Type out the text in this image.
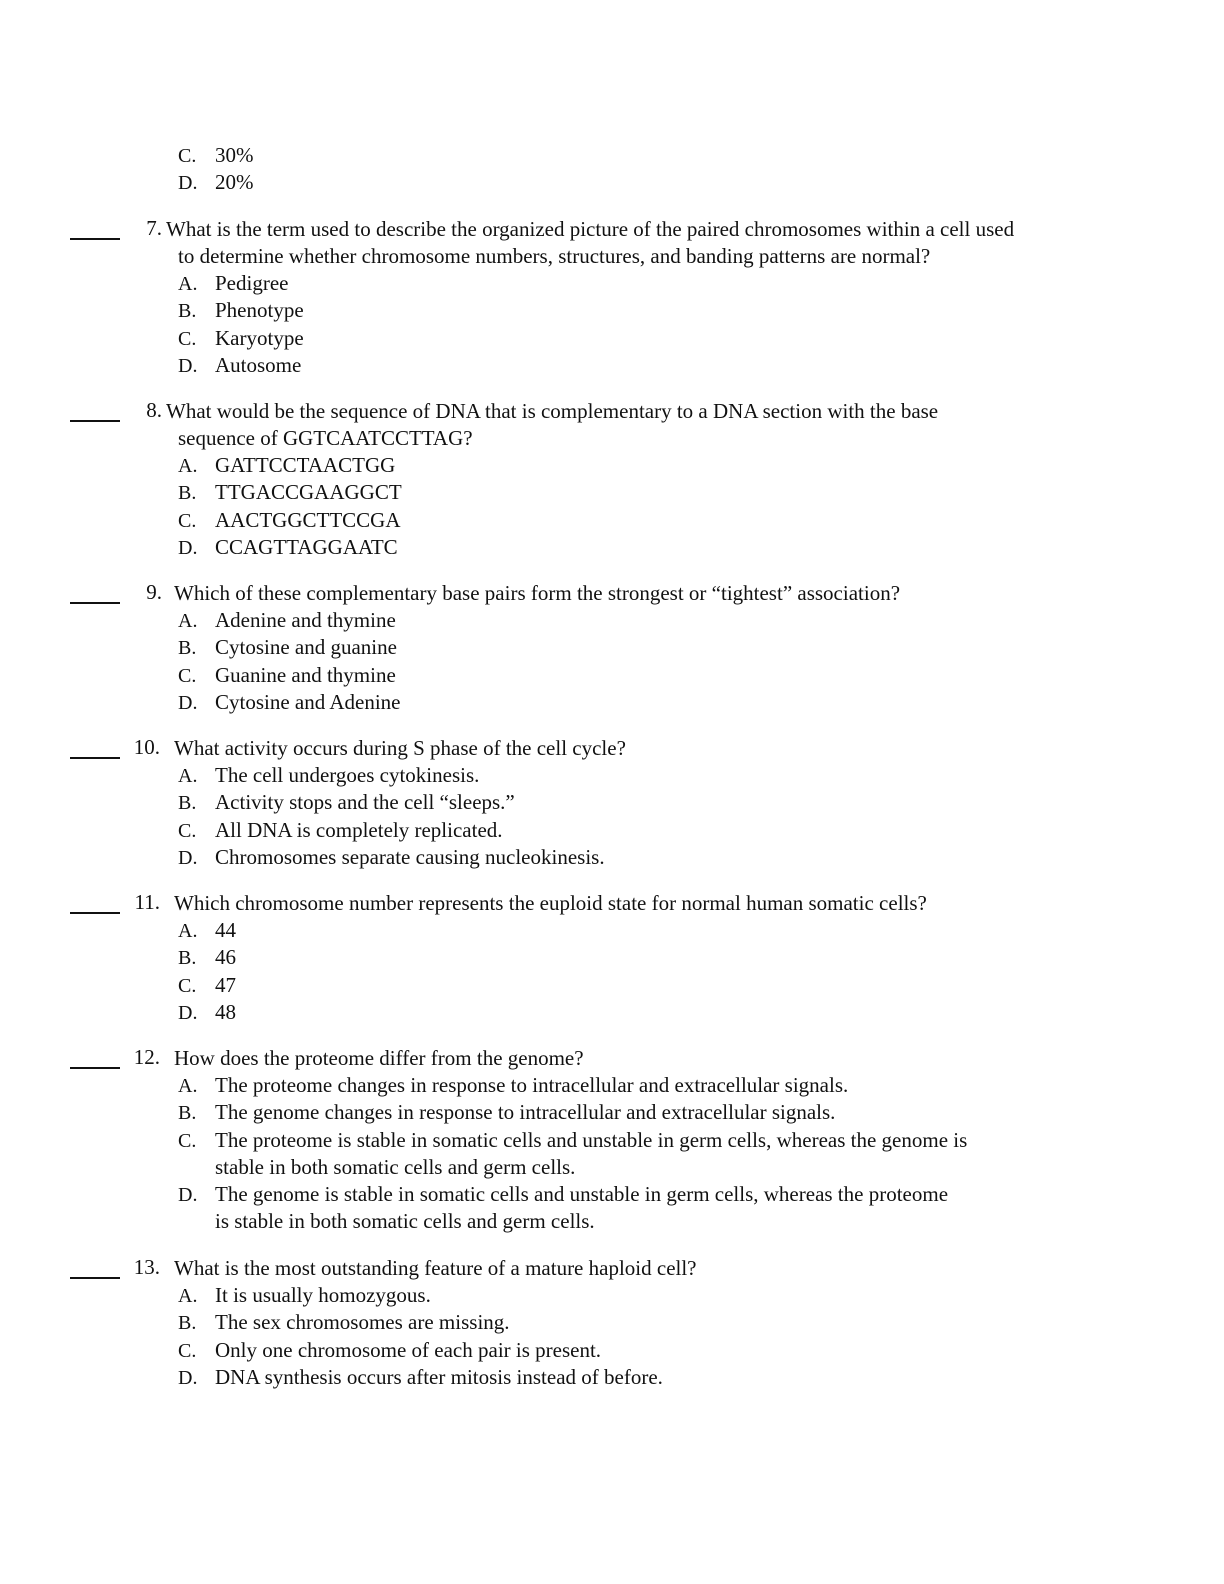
C. 30%
D. 20%
7. What is the term used to describe the organized picture of the paired chromosomes within a cell used
to determine whether chromosome numbers, structures, and banding patterns are normal?
A. Pedigree
B. Phenotype
C. Karyotype
D. Autosome
8. What would be the sequence of DNA that is complementary to a DNA section with the base
sequence of GGTCAATCCTTAG?
A. GATTCCTAACTGG
B. TTGACCGAAGGCT
C. AACTGGCTTCCGA
D. CCAGTTAGGAATC
9. Which of these complementary base pairs form the strongest or “tightest” association?
A. Adenine and thymine
B. Cytosine and guanine
C. Guanine and thymine
D. Cytosine and Adenine
10. What activity occurs during S phase of the cell cycle?
A. The cell undergoes cytokinesis.
B. Activity stops and the cell “sleeps.”
C. All DNA is completely replicated.
D. Chromosomes separate causing nucleokinesis.
11. Which chromosome number represents the euploid state for normal human somatic cells?
A. 44
B. 46
C. 47
D. 48
12. How does the proteome differ from the genome?
A. The proteome changes in response to intracellular and extracellular signals.
B. The genome changes in response to intracellular and extracellular signals.
C. The proteome is stable in somatic cells and unstable in germ cells, whereas the genome is stable in both somatic cells and germ cells.
D. The genome is stable in somatic cells and unstable in germ cells, whereas the proteome is stable in both somatic cells and germ cells.
13. What is the most outstanding feature of a mature haploid cell?
A. It is usually homozygous.
B. The sex chromosomes are missing.
C. Only one chromosome of each pair is present.
D. DNA synthesis occurs after mitosis instead of before.
